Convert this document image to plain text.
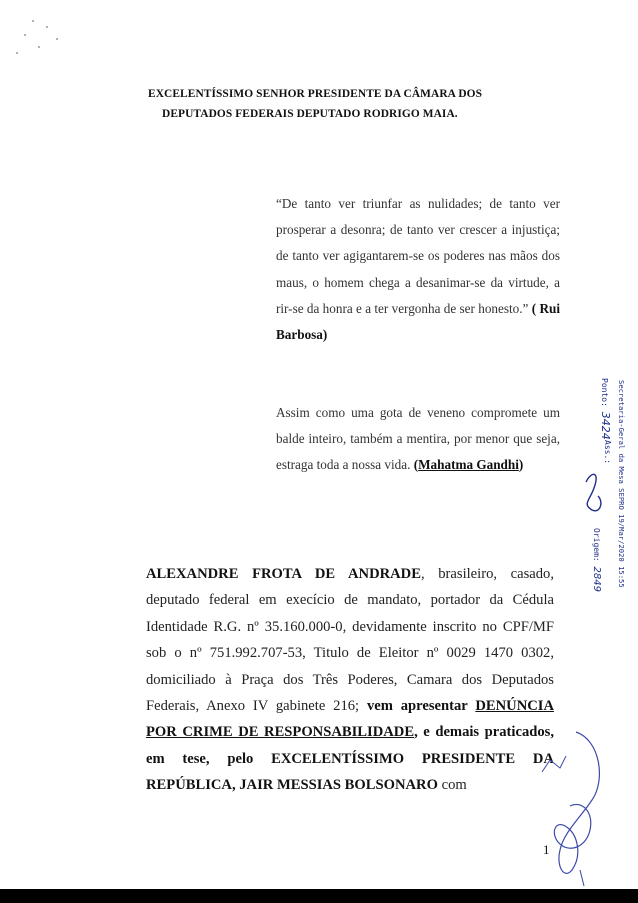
EXCELENTÍSSIMO SENHOR PRESIDENTE DA CÂMARA DOS
DEPUTADOS FEDERAIS DEPUTADO RODRIGO MAIA.
“De tanto ver triunfar as nulidades; de tanto ver prosperar a desonra; de tanto ver crescer a injustiça; de tanto ver agigantarem-se os poderes nas mãos dos maus, o homem chega a desanimar-se da virtude, a rir-se da honra e a ter vergonha de ser honesto.” ( Rui Barbosa)
Assim como uma gota de veneno compromete um balde inteiro, também a mentira, por menor que seja, estraga toda a nossa vida. (Mahatma Gandhi)
ALEXANDRE FROTA DE ANDRADE, brasileiro, casado, deputado federal em execício de mandato, portador da Cédula Identidade R.G. nº 35.160.000-0, devidamente inscrito no CPF/MF sob o nº 751.992.707-53, Titulo de Eleitor nº 0029 1470 0302, domiciliado à Praça dos Três Poderes, Camara dos Deputados Federais, Anexo IV gabinete 216; vem apresentar DENÚNCIA POR CRIME DE RESPONSABILIDADE, e demais praticados, em tese, pelo EXCELENTÍSSIMO PRESIDENTE DA REPÚBLICA, JAIR MESSIAS BOLSONARO com
1
Secretaria-Geral da Mesa SEPRO 19/Mar/2020 15:55
Ponto: 3424
Ass.:
Origem: 2849
